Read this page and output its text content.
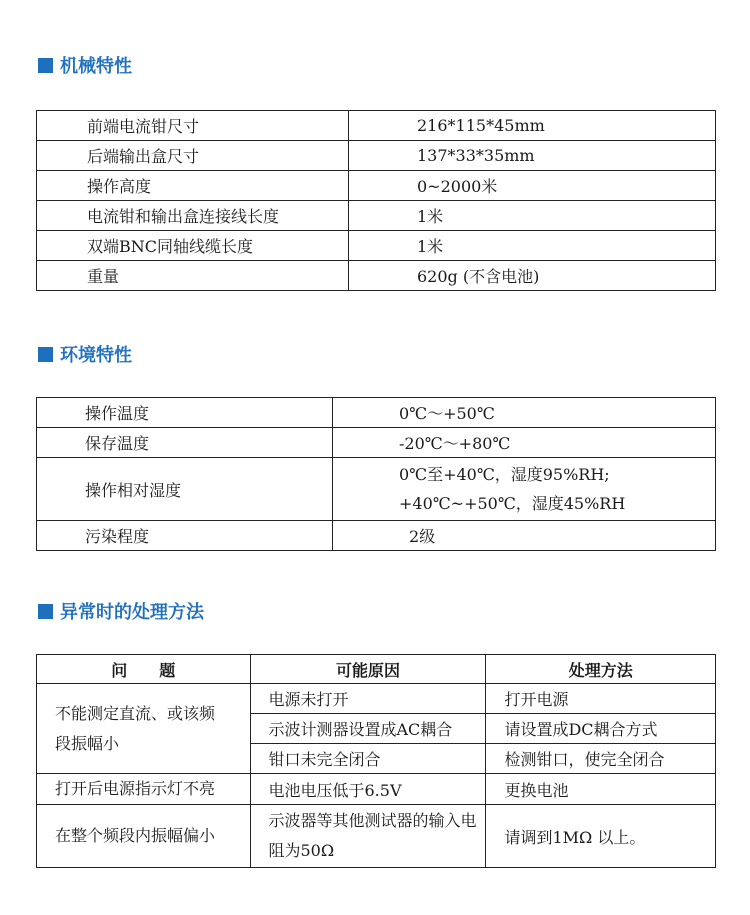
机械特性
前端电流钳尺寸	216*115*45mm
后端输出盒尺寸	137*33*35mm
操作高度	0~2000米
电流钳和输出盒连接线长度	1米
双端BNC同轴线缆长度	1米
重量	620g (不含电池)
环境特性
操作温度	0℃～+50℃
保存温度	-20℃～+80℃
操作相对湿度	0℃至+40℃，湿度95%RH;
+40℃~+50℃，湿度45%RH

污染程度	2级
异常时的处理方法
问　　题	可能原因	处理方法

不能测定直流、或该频段振幅小	电源未打开	打开电源
	示波计测器设置成AC耦合	请设置成DC耦合方式
	钳口未完全闭合	检测钳口，使完全闭合
打开后电源指示灯不亮	电池电压低于6.5V	更换电池
在整个频段内振幅偏小	示波器等其他测试器的输入电阻为50Ω	请调到1MΩ 以上。
